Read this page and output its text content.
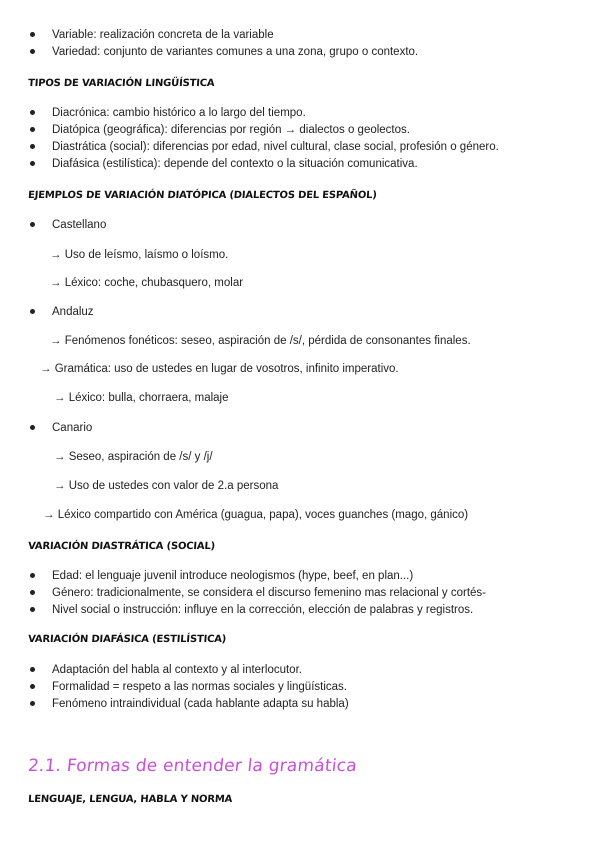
Variable: realización concreta de la variable
Variedad: conjunto de variantes comunes a una zona, grupo o contexto.
TIPOS DE VARIACIÓN LINGÜÍSTICA
Diacrónica: cambio histórico a lo largo del tiempo.
Diatópica (geográfica): diferencias por región → dialectos o geolectos.
Diastrática (social): diferencias por edad, nivel cultural, clase social, profesión o género.
Diafásica (estilística): depende del contexto o la situación comunicativa.
EJEMPLOS DE VARIACIÓN DIATÓPICA (DIALECTOS DEL ESPAÑOL)
Castellano
→ Uso de leísmo, laísmo o loísmo.
→ Léxico: coche, chubasquero, molar
Andaluz
→ Fenómenos fonéticos: seseo, aspiración de /s/, pérdida de consonantes finales.
→ Gramática: uso de ustedes en lugar de vosotros, infinito imperativo.
→ Léxico: bulla, chorraera, malaje
Canario
→ Seseo, aspiración de /s/ y /j/
→ Uso de ustedes con valor de 2.a persona
→ Léxico compartido con América (guagua, papa), voces guanches (mago, gánico)
VARIACIÓN DIASTRÁTICA (SOCIAL)
Edad: el lenguaje juvenil introduce neologismos (hype, beef, en plan...)
Género: tradicionalmente, se considera el discurso femenino mas relacional y cortés-
Nivel social o instrucción: influye en la corrección, elección de palabras y registros.
VARIACIÓN DIAFÁSICA (ESTILÍSTICA)
Adaptación del habla al contexto y al interlocutor.
Formalidad = respeto a las normas sociales y lingüísticas.
Fenómeno intraindividual (cada hablante adapta su habla)
2.1. Formas de entender la gramática
LENGUAJE, LENGUA, HABLA Y NORMA
